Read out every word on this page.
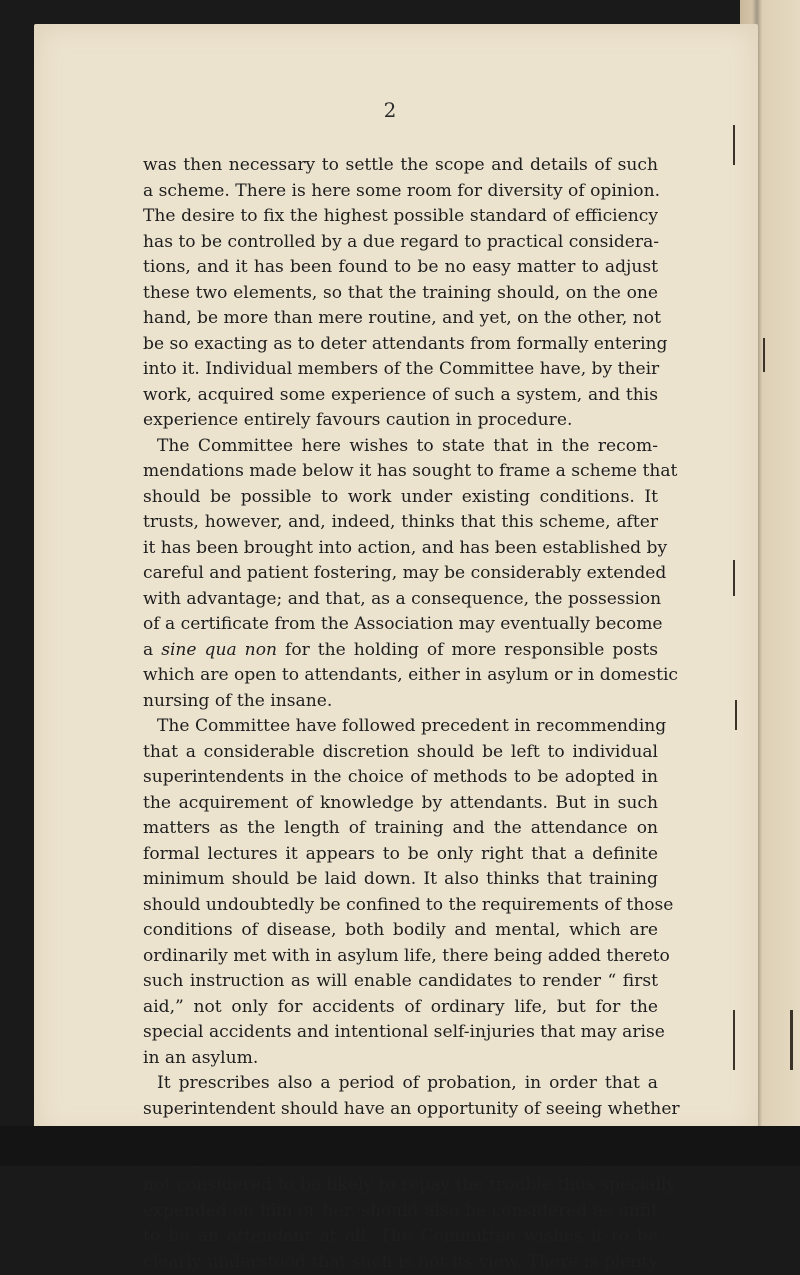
2
was then necessary to settle the scope and details of such
a scheme. There is here some room for diversity of opinion.
The desire to fix the highest possible standard of efficiency
has to be controlled by a due regard to practical considera-
tions, and it has been found to be no easy matter to adjust
these two elements, so that the training should, on the one
hand, be more than mere routine, and yet, on the other, not
be so exacting as to deter attendants from formally entering
into it. Individual members of the Committee have, by their
work, acquired some experience of such a system, and this
experience entirely favours caution in procedure.
The Committee here wishes to state that in the recom-
mendations made below it has sought to frame a scheme that
should be possible to work under existing conditions. It
trusts, however, and, indeed, thinks that this scheme, after
it has been brought into action, and has been established by
careful and patient fostering, may be considerably extended
with advantage; and that, as a consequence, the possession
of a certificate from the Association may eventually become
a sine qua non for the holding of more responsible posts
which are open to attendants, either in asylum or in domestic
nursing of the insane.
The Committee have followed precedent in recommending
that a considerable discretion should be left to individual
superintendents in the choice of methods to be adopted in
the acquirement of knowledge by attendants. But in such
matters as the length of training and the attendance on
formal lectures it appears to be only right that a definite
minimum should be laid down. It also thinks that training
should undoubtedly be confined to the requirements of those
conditions of disease, both bodily and mental, which are
ordinarily met with in asylum life, there being added thereto
such instruction as will enable candidates to render “ first
aid,” not only for accidents of ordinary life, but for the
special accidents and intentional self-injuries that may arise
in an asylum.
It prescribes also a period of probation, in order that a
superintendent should have an opportunity of seeing whether
not considered to be likely to repay the trouble thus specially
expended on him or her, should also be considered as unfit
to be an attendant at all. The Committee wishes it to be
clearly understood that such is not its view. There is plenty
